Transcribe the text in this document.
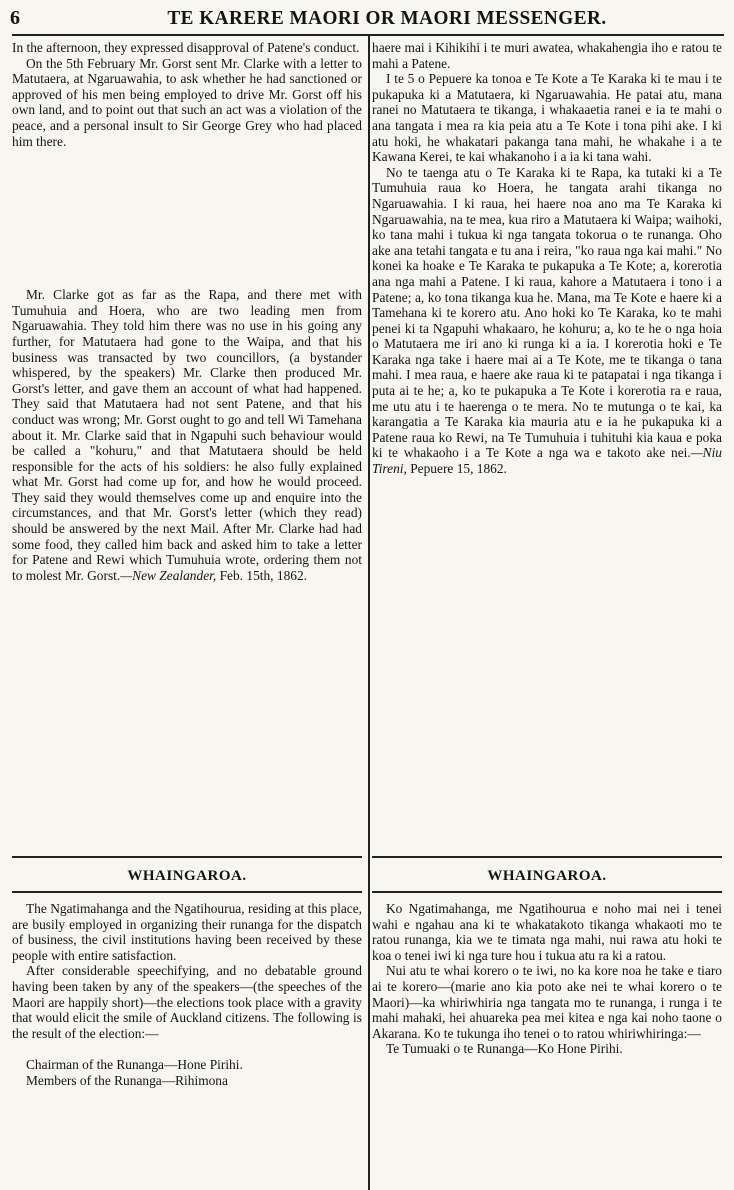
6	TE KARERE MAORI OR MAORI MESSENGER.

In the afternoon, they expressed disapproval of Patene's conduct.

On the 5th February Mr. Gorst sent Mr. Clarke with a letter to Matutaera, at Ngaruawahia, to ask whether he had sanctioned or approved of his men being employed to drive Mr. Gorst off his own land, and to point out that such an act was a violation of the peace, and a personal insult to Sir George Grey who had placed him there.

Mr. Clarke got as far as the Rapa, and there met with Tumuhuia and Hoera, who are two leading men from Ngaruawahia. They told him there was no use in his going any further, for Matutaera had gone to the Waipa, and that his business was transacted by two councillors, (a bystander whispered, by the speakers) Mr. Clarke then produced Mr. Gorst's letter, and gave them an account of what had happened. They said that Matutaera had not sent Patene, and that his conduct was wrong; Mr. Gorst ought to go and tell Wi Tamehana about it. Mr. Clarke said that in Ngapuhi such behaviour would be called a "kohuru," and that Matutaera should be held responsible for the acts of his soldiers: he also fully explained what Mr. Gorst had come up for, and how he would proceed. They said they would themselves come up and enquire into the circumstances, and that Mr. Gorst's letter (which they read) should be answered by the next Mail. After Mr. Clarke had had some food, they called him back and asked him to take a letter for Patene and Rewi which Tumuhuia wrote, ordering them not to molest Mr. Gorst.—New Zealander, Feb. 15th, 1862.

haere mai i Kihikihi i te muri awatea, whakahengia iho e ratou te mahi a Patene.

I te 5 o Pepuere ka tonoa e Te Kote a Te Karaka ki te mau i te pukapuka ki a Matutaera, ki Ngaruawahia. He patai atu, mana ranei no Matutaera te tikanga, i whakaaetia ranei e ia te mahi o ana tangata i mea ra kia peia atu a Te Kote i tona pihi ake. I ki atu hoki, he whakatari pakanga tana mahi, he whakahe i a te Kawana Kerei, te kai whakanoho i a ia ki tana wahi.

No te taenga atu o Te Karaka ki te Rapa, ka tutaki ki a Te Tumuhuia raua ko Hoera, he tangata arahi tikanga no Ngaruawahia. I ki raua, hei haere noa ano ma Te Karaka ki Ngaruawahia, na te mea, kua riro a Matutaera ki Waipa; waihoki, ko tana mahi i tukua ki nga tangata tokorua o te runanga. Oho ake ana tetahi tangata e tu ana i reira, "ko raua nga kai mahi." No konei ka hoake e Te Karaka te pukapuka a Te Kote; a, korerotia ana nga mahi a Patene. I ki raua, kahore a Matutaera i tono i a Patene; a, ko tona tikanga kua he. Mana, ma Te Kote e haere ki a Tamehana ki te korero atu. Ano hoki ko Te Karaka, ko te mahi penei ki ta Ngapuhi whakaaro, he kohuru; a, ko te he o nga hoia o Matutaera me iri ano ki runga ki a ia. I korerotia hoki e Te Karaka nga take i haere mai ai a Te Kote, me te tikanga o tana mahi. I mea raua, e haere ake raua ki te patapatai i nga tikanga i puta ai te he; a, ko te pukapuka a Te Kote i korerotia ra e raua, me utu atu i te haerenga o te mera. No te mutunga o te kai, ka karangatia a Te Karaka kia mauria atu e ia he pukapuka ki a Patene raua ko Rewi, na Te Tumuhuia i tuhituhi kia kaua e poka ki te whakaoho i a Te Kote a nga wa e takoto ake nei.—Niu Tireni, Pepuere 15, 1862.

WHAINGAROA.

The Ngatimahanga and the Ngatihourua, residing at this place, are busily employed in organizing their runanga for the dispatch of business, the civil institutions having been received by these people with entire satisfaction.

After considerable speechifying, and no debatable ground having been taken by any of the speakers—(the speeches of the Maori are happily short)—the elections took place with a gravity that would elicit the smile of Auckland citizens. The following is the result of the election:—

Chairman of the Runanga—Hone Pirihi.

Members of the Runanga—Rihimona

WHAINGAROA.

Ko Ngatimahanga, me Ngatihourua e noho mai nei i tenei wahi e ngahau ana ki te whakatakoto tikanga whakaoti mo te ratou runanga, kia we te timata nga mahi, nui rawa atu hoki te koa o tenei iwi ki nga ture hou i tukua atu ra ki a ratou.

Nui atu te whai korero o te iwi, no ka kore noa he take e tiaro ai te korero—(marie ano kia poto ake nei te whai korero o te Maori)—ka whiriwhiria nga tangata mo te runanga, i runga i te mahi mahaki, hei ahuareka pea mei kitea e nga kai noho taone o Akarana. Ko te tukunga iho tenei o to ratou whiriwhiringa:—

Te Tumuaki o te Runanga—Ko Hone Pirihi.
